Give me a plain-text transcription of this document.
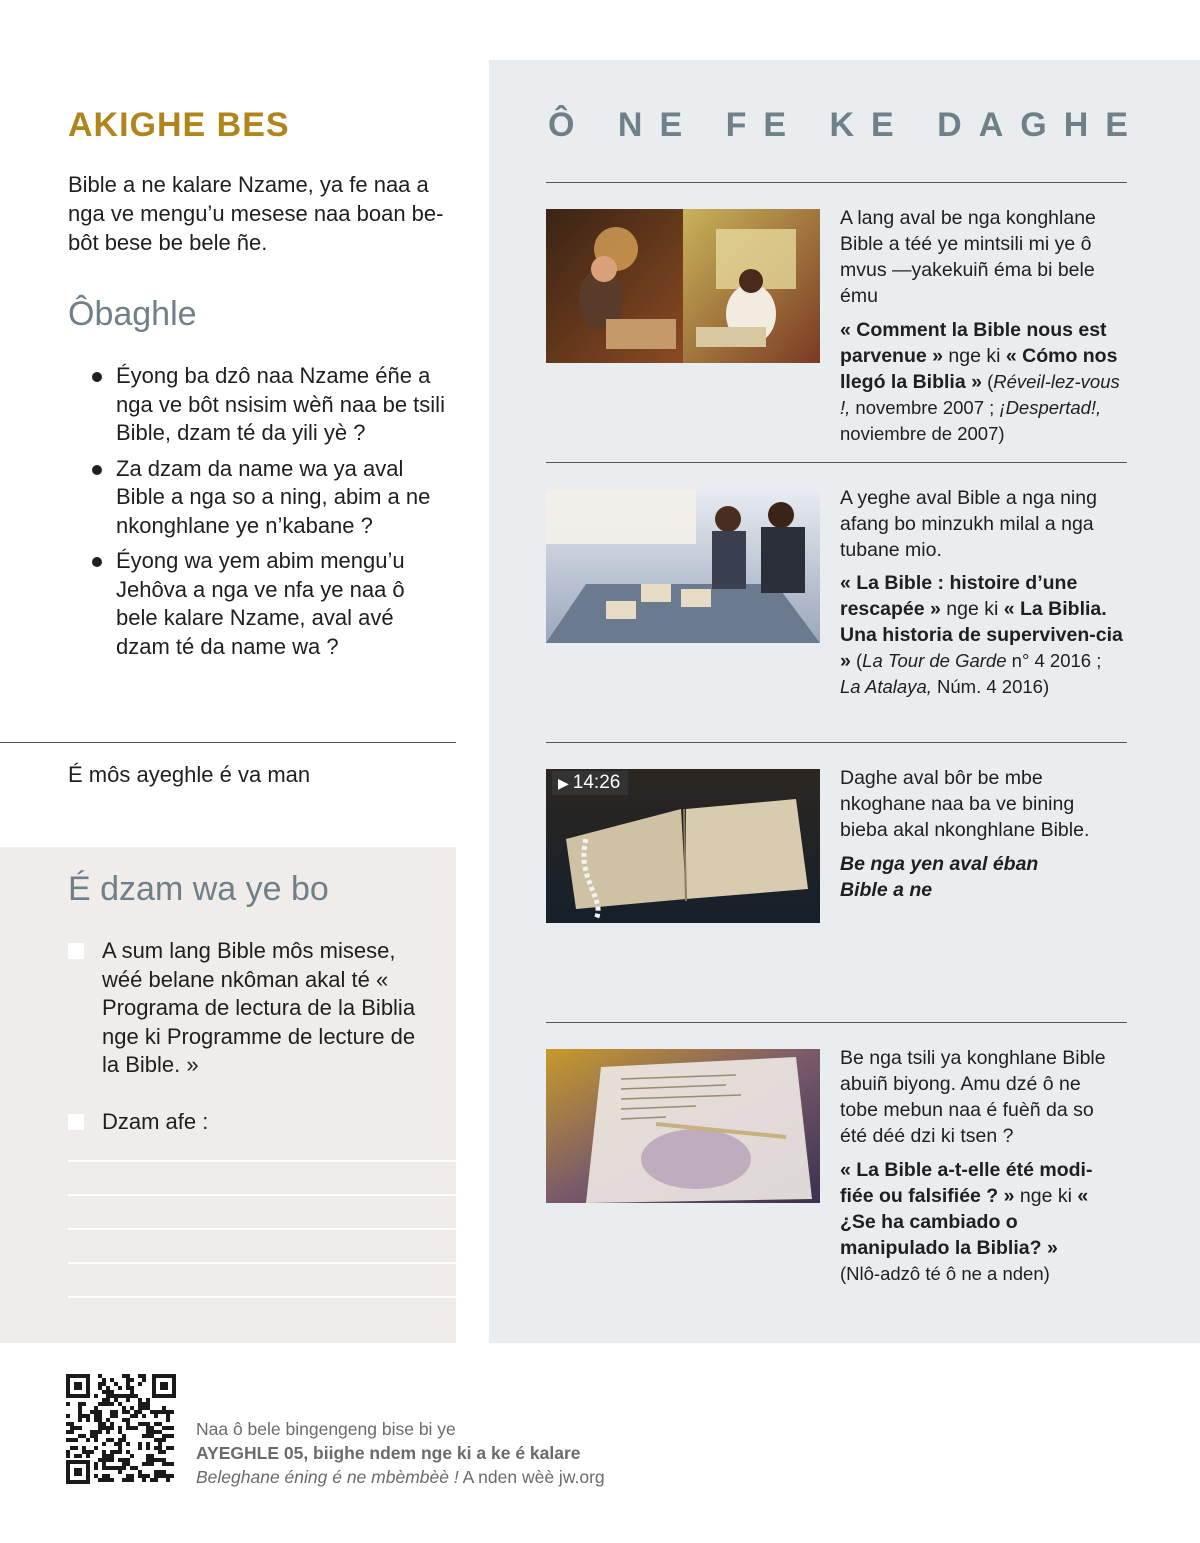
AKIGHE BES

Bible a ne kalare Nzame, ya fe naa a nga ve mengu’u mesese naa boan be-bôt bese be bele ñe.

Ôbaghle
Éyong ba dzô naa Nzame éñe a nga ve bôt nsisim wèñ naa be tsili Bible, dzam té da yili yè ?
Za dzam da name wa ya aval Bible a nga so a ning, abim a ne nkonghlane ye n’kabane ?
Éyong wa yem abim mengu’u Jehôva a nga ve nfa ye naa ô bele kalare Nzame, aval avé dzam té da name wa ?

É môs ayeghle é va man

É dzam wa ye bo
A sum lang Bible môs misese, wéé belane nkôman akal té « Programa de lectura de la Biblia nge ki Programme de lecture de la Bible. »
Dzam afe :
Ô NE FE KE DAGHE

A lang aval be nga konghlane Bible a téé ye mintsili mi ye ô mvus —yakekuiñ éma bi bele ému

« Comment la Bible nous est parvenue » nge ki « Cómo nos llegó la Biblia » (Réveil-lez-vous !, novembre 2007 ; ¡Despertad!, noviembre de 2007)

A yeghe aval Bible a nga ning afang bo minzukh milal a nga tubane mio.

« La Bible : histoire d’une rescapée » nge ki « La Biblia. Una historia de superviven-cia » (La Tour de Garde n° 4 2016 ; La Atalaya, Núm. 4 2016)

▶ 14:26	Daghe aval bôr be mbe nkoghane naa ba ve bining bieba akal nkonghlane Bible.

Be nga yen aval éban Bible a ne

Be nga tsili ya konghlane Bible abuiñ biyong. Amu dzé ô ne tobe mebun naa é fuèñ da so été déé dzi ki tsen ?

« La Bible a-t-elle été modi-fiée ou falsifiée ? » nge ki « ¿Se ha cambiado o manipulado la Biblia? »
(Nlô-adzô té ô ne a nden)

Naa ô bele bingengeng bise bi ye
AYEGHLE 05, biighe ndem nge ki a ke é kalare
Beleghane éning é ne mbèmbèè ! A nden wèè jw.org
